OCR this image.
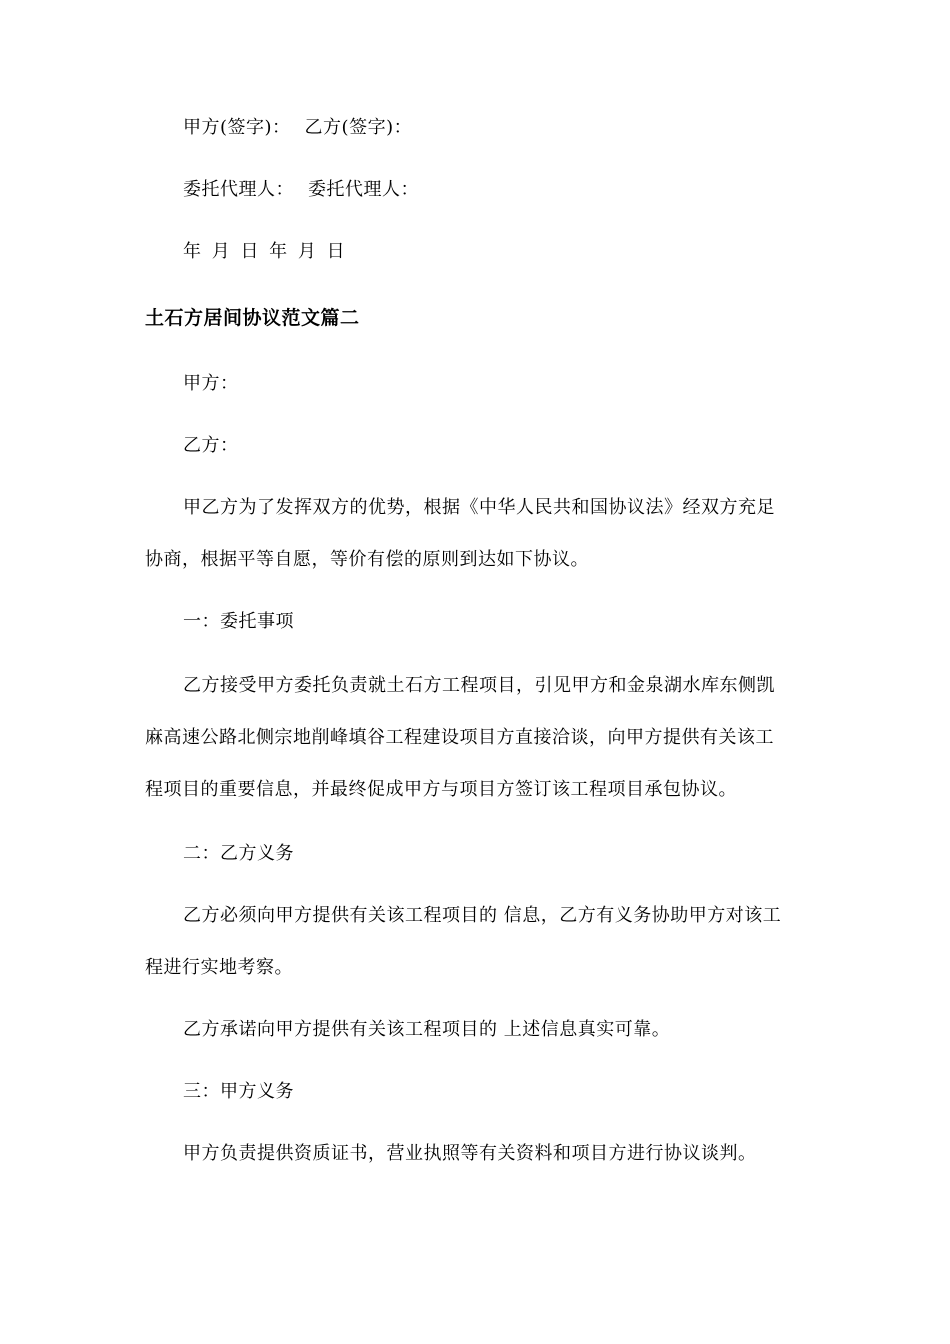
甲方(签字)： 乙方(签字)：
委托代理人： 委托代理人：
年 月 日 年 月 日
土石方居间协议范文篇二
甲方：
乙方：
甲乙方为了发挥双方的优势，根据《中华人民共和国协议法》经双方充足
协商，根据平等自愿，等价有偿的原则到达如下协议。
一：委托事项
乙方接受甲方委托负责就土石方工程项目，引见甲方和金泉湖水库东侧凯
麻高速公路北侧宗地削峰填谷工程建设项目方直接洽谈，向甲方提供有关该工
程项目的重要信息，并最终促成甲方与项目方签订该工程项目承包协议。
二：乙方义务
乙方必须向甲方提供有关该工程项目的 信息，乙方有义务协助甲方对该工
程进行实地考察。
乙方承诺向甲方提供有关该工程项目的 上述信息真实可靠。
三：甲方义务
甲方负责提供资质证书，营业执照等有关资料和项目方进行协议谈判。
